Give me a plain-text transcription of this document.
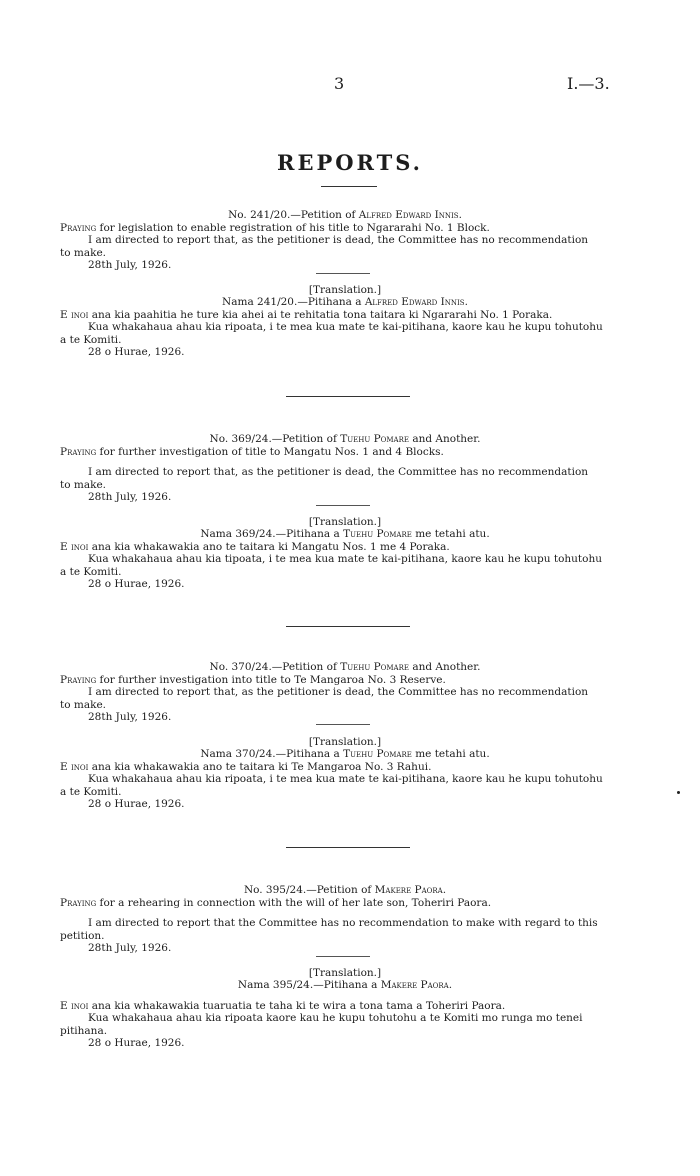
3	I.—3.
REPORTS.
No. 241/20.—Petition of Alfred Edward Innis.
Praying for legislation to enable registration of his title to Ngararahi No. 1 Block.
I am directed to report that, as the petitioner is dead, the Committee has no recommendation
to make.
28th July, 1926.
[Translation.]
Nama 241/20.—Pitihana a Alfred Edward Innis.
E inoi ana kia paahitia he ture kia ahei ai te rehitatia tona taitara ki Ngararahi No. 1 Poraka.
Kua whakahaua ahau kia ripoata, i te mea kua mate te kai-pitihana, kaore kau he kupu tohutohu
a te Komiti.
28 o Hurae, 1926.
No. 369/24.—Petition of Tuehu Pomare and Another.
Praying for further investigation of title to Mangatu Nos. 1 and 4 Blocks.
I am directed to report that, as the petitioner is dead, the Committee has no recommendation
to make.
28th July, 1926.
[Translation.]
Nama 369/24.—Pitihana a Tuehu Pomare me tetahi atu.
E inoi ana kia whakawakia ano te taitara ki Mangatu Nos. 1 me 4 Poraka.
Kua whakahaua ahau kia tipoata, i te mea kua mate te kai-pitihana, kaore kau he kupu tohutohu
a te Komiti.
28 o Hurae, 1926.
No. 370/24.—Petition of Tuehu Pomare and Another.
Praying for further investigation into title to Te Mangaroa No. 3 Reserve.
I am directed to report that, as the petitioner is dead, the Committee has no recommendation
to make.
28th July, 1926.
[Translation.]
Nama 370/24.—Pitihana a Tuehu Pomare me tetahi atu.
E inoi ana kia whakawakia ano te taitara ki Te Mangaroa No. 3 Rahui.
Kua whakahaua ahau kia ripoata, i te mea kua mate te kai-pitihana, kaore kau he kupu tohutohu
a te Komiti.
28 o Hurae, 1926.
No. 395/24.—Petition of Makere Paora.
Praying for a rehearing in connection with the will of her late son, Toheriri Paora.
I am directed to report that the Committee has no recommendation to make with regard to this
petition.
28th July, 1926.
[Translation.]
Nama 395/24.—Pitihana a Makere Paora.
E inoi ana kia whakawakia tuaruatia te taha ki te wira a tona tama a Toheriri Paora.
Kua whakahaua ahau kia ripoata kaore kau he kupu tohutohu a te Komiti mo runga mo tenei
pitihana.
28 o Hurae, 1926.
